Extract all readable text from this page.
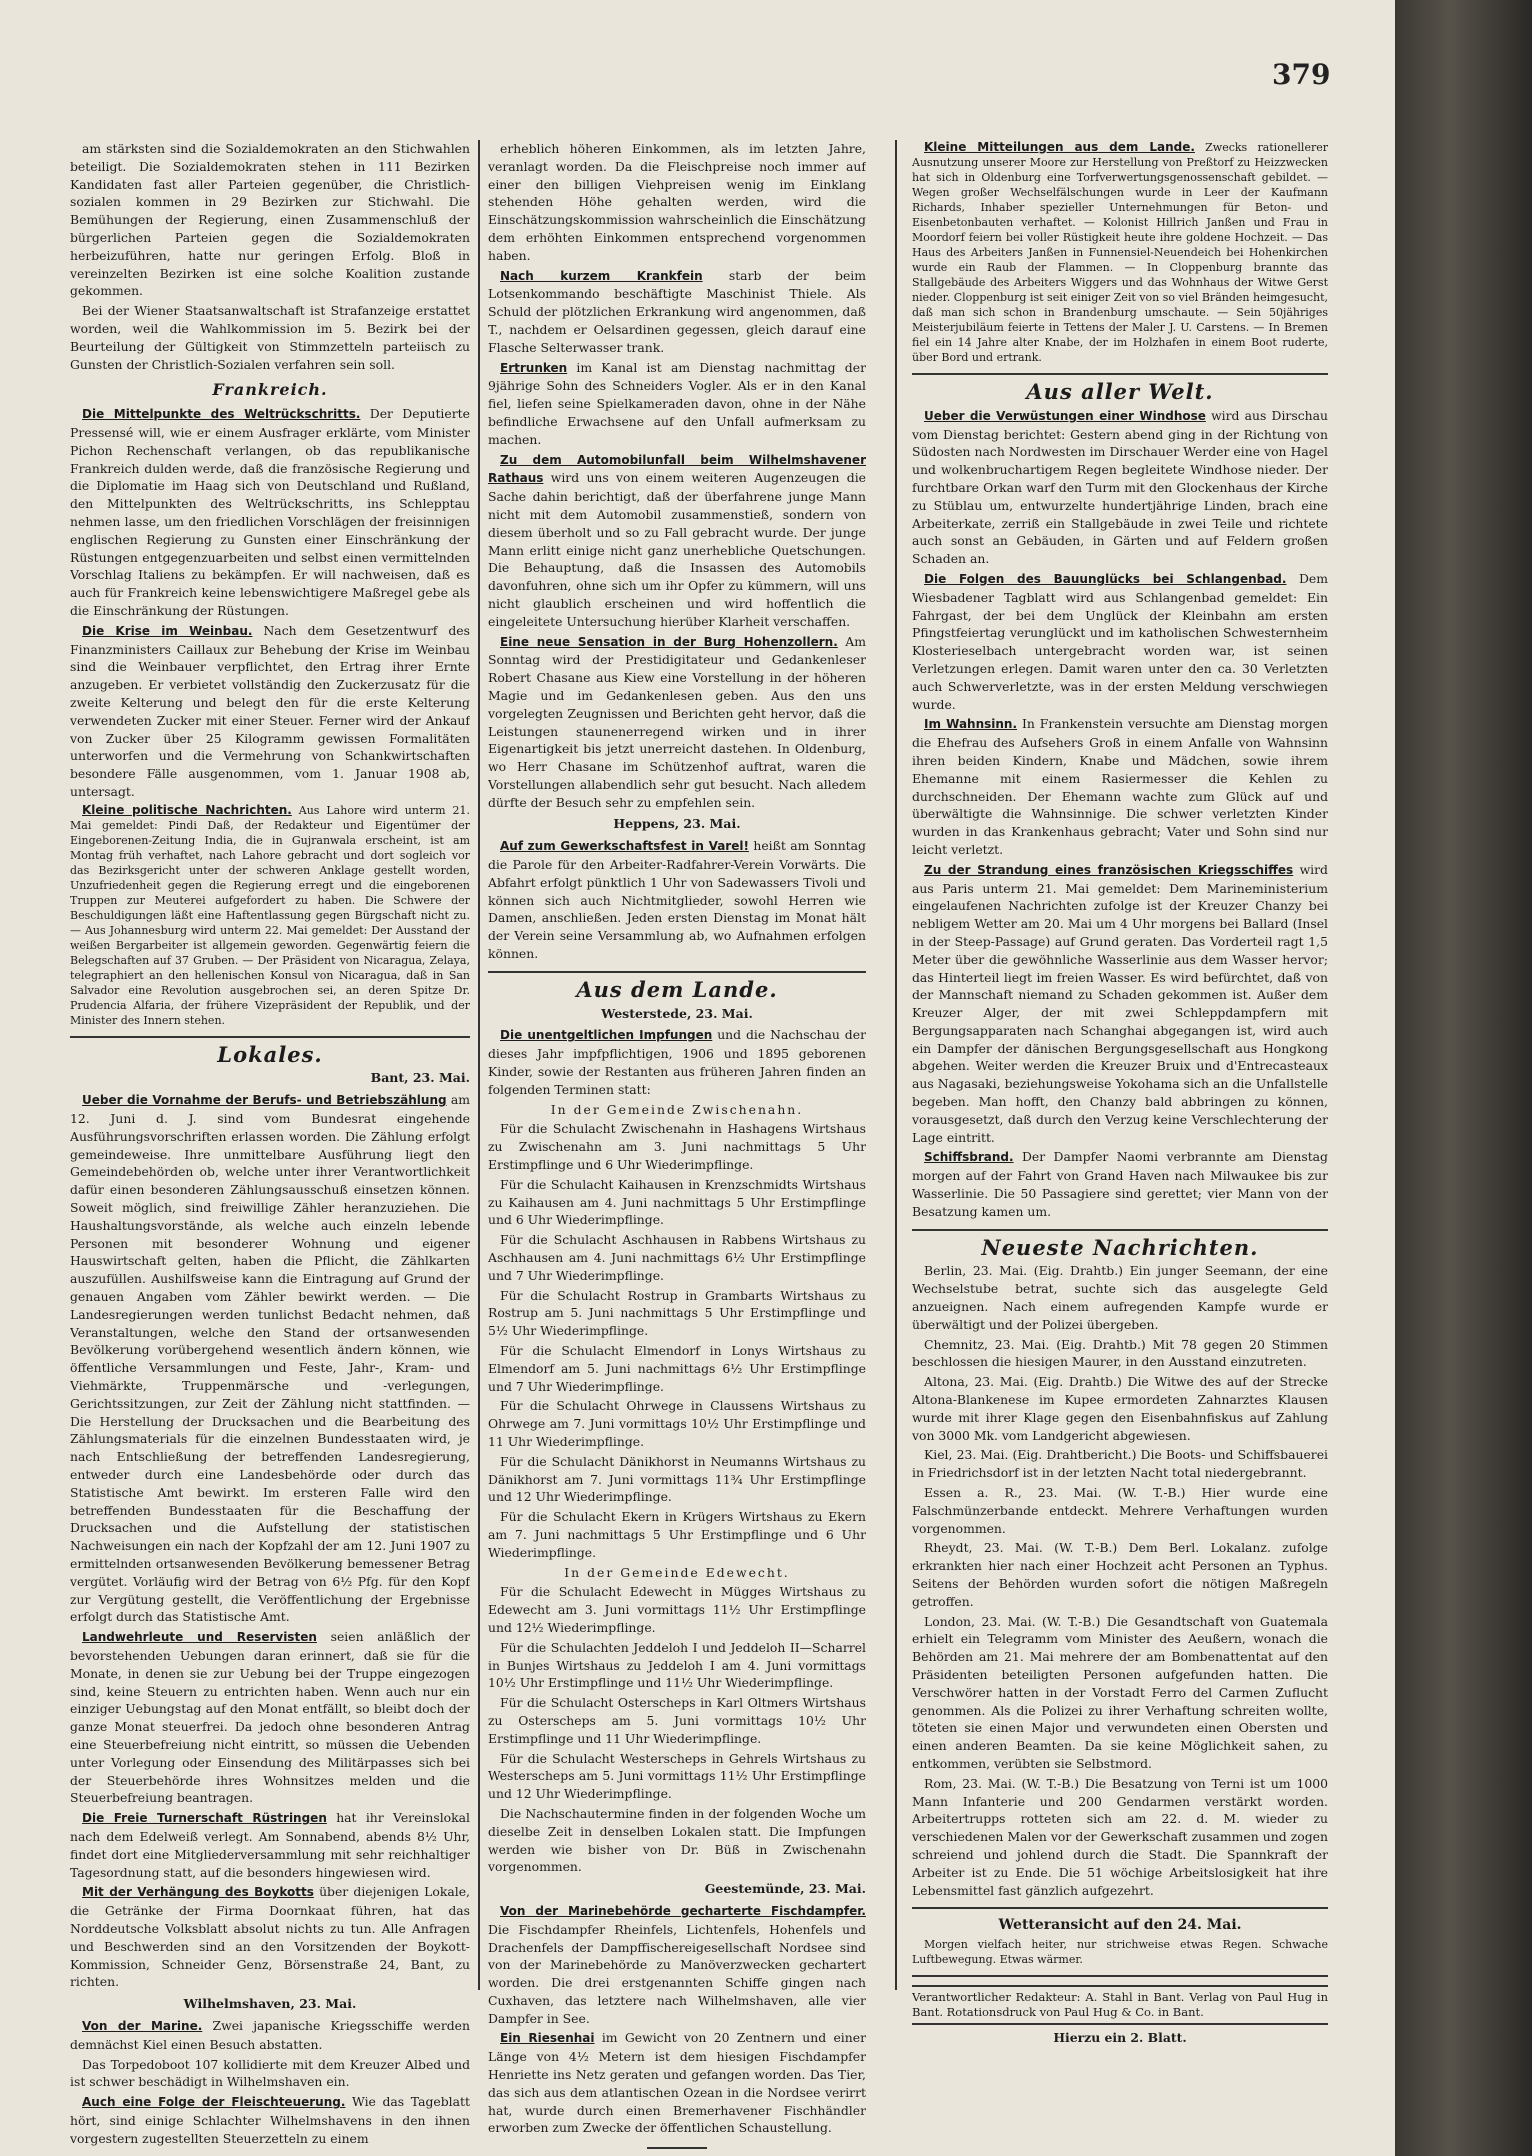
379

am stärksten sind die Sozialdemokraten an den Stichwahlen beteiligt. Die Sozialdemokraten stehen in 111 Bezirken Kandidaten fast aller Parteien gegenüber, die Christlich-sozialen kommen in 29 Bezirken zur Stichwahl. Die Bemühungen der Regierung, einen Zusammenschluß der bürgerlichen Parteien gegen die Sozialdemokraten herbeizuführen, hatte nur geringen Erfolg. Bloß in vereinzelten Bezirken ist eine solche Koalition zustande gekommen.

Bei der Wiener Staatsanwaltschaft ist Strafanzeige erstattet worden, weil die Wahlkommission im 5. Bezirk bei der Beurteilung der Gültigkeit von Stimmzetteln parteiisch zu Gunsten der Christlich-Sozialen verfahren sein soll.

Frankreich.

Die Mittelpunkte des Weltrückschritts. Der Deputierte Pressensé will, wie er einem Ausfrager erklärte, vom Minister Pichon Rechenschaft verlangen, ob das republikanische Frankreich dulden werde, daß die französische Regierung und die Diplomatie im Haag sich von Deutschland und Rußland, den Mittelpunkten des Weltrückschritts, ins Schlepptau nehmen lasse, um den friedlichen Vorschlägen der freisinnigen englischen Regierung zu Gunsten einer Einschränkung der Rüstungen entgegenzuarbeiten und selbst einen vermittelnden Vorschlag Italiens zu bekämpfen. Er will nachweisen, daß es auch für Frankreich keine lebenswichtigere Maßregel gebe als die Einschränkung der Rüstungen.

Die Krise im Weinbau. Nach dem Gesetzentwurf des Finanzministers Caillaux zur Behebung der Krise im Weinbau sind die Weinbauer verpflichtet, den Ertrag ihrer Ernte anzugeben. Er verbietet vollständig den Zuckerzusatz für die zweite Kelterung und belegt den für die erste Kelterung verwendeten Zucker mit einer Steuer. Ferner wird der Ankauf von Zucker über 25 Kilogramm gewissen Formalitäten unterworfen und die Vermehrung von Schankwirtschaften besondere Fälle ausgenommen, vom 1. Januar 1908 ab, untersagt.

Kleine politische Nachrichten. Aus Lahore wird unterm 21. Mai gemeldet: Pindi Daß, der Redakteur und Eigentümer der Eingeborenen-Zeitung India, die in Gujranwala erscheint, ist am Montag früh verhaftet, nach Lahore gebracht und dort sogleich vor das Bezirksgericht unter der schweren Anklage gestellt worden, Unzufriedenheit gegen die Regierung erregt und die eingeborenen Truppen zur Meuterei aufgefordert zu haben. Die Schwere der Beschuldigungen läßt eine Haftentlassung gegen Bürgschaft nicht zu. — Aus Johannesburg wird unterm 22. Mai gemeldet: Der Ausstand der weißen Bergarbeiter ist allgemein geworden. Gegenwärtig feiern die Belegschaften auf 37 Gruben. — Der Präsident von Nicaragua, Zelaya, telegraphiert an den hellenischen Konsul von Nicaragua, daß in San Salvador eine Revolution ausgebrochen sei, an deren Spitze Dr. Prudencia Alfaria, der frühere Vizepräsident der Republik, und der Minister des Innern stehen.

Lokales.

Bant, 23. Mai.

Ueber die Vornahme der Berufs- und Betriebszählung am 12. Juni d. J. sind vom Bundesrat eingehende Ausführungsvorschriften erlassen worden. Die Zählung erfolgt gemeindeweise. Ihre unmittelbare Ausführung liegt den Gemeindebehörden ob, welche unter ihrer Verantwortlichkeit dafür einen besonderen Zählungsausschuß einsetzen können. Soweit möglich, sind freiwillige Zähler heranzuziehen. Die Haushaltungsvorstände, als welche auch einzeln lebende Personen mit besonderer Wohnung und eigener Hauswirtschaft gelten, haben die Pflicht, die Zählkarten auszufüllen. Aushilfsweise kann die Eintragung auf Grund der genauen Angaben vom Zähler bewirkt werden. — Die Landesregierungen werden tunlichst Bedacht nehmen, daß Veranstaltungen, welche den Stand der ortsanwesenden Bevölkerung vorübergehend wesentlich ändern können, wie öffentliche Versammlungen und Feste, Jahr-, Kram- und Viehmärkte, Truppenmärsche und -verlegungen, Gerichtssitzungen, zur Zeit der Zählung nicht stattfinden. — Die Herstellung der Drucksachen und die Bearbeitung des Zählungsmaterials für die einzelnen Bundesstaaten wird, je nach Entschließung der betreffenden Landesregierung, entweder durch eine Landesbehörde oder durch das Statistische Amt bewirkt. Im ersteren Falle wird den betreffenden Bundesstaaten für die Beschaffung der Drucksachen und die Aufstellung der statistischen Nachweisungen ein nach der Kopfzahl der am 12. Juni 1907 zu ermittelnden ortsanwesenden Bevölkerung bemessener Betrag vergütet. Vorläufig wird der Betrag von 6½ Pfg. für den Kopf zur Vergütung gestellt, die Veröffentlichung der Ergebnisse erfolgt durch das Statistische Amt.

Landwehrleute und Reservisten seien anläßlich der bevorstehenden Uebungen daran erinnert, daß sie für die Monate, in denen sie zur Uebung bei der Truppe eingezogen sind, keine Steuern zu entrichten haben. Wenn auch nur ein einziger Uebungstag auf den Monat entfällt, so bleibt doch der ganze Monat steuerfrei. Da jedoch ohne besonderen Antrag eine Steuerbefreiung nicht eintritt, so müssen die Uebenden unter Vorlegung oder Einsendung des Militärpasses sich bei der Steuerbehörde ihres Wohnsitzes melden und die Steuerbefreiung beantragen.

Die Freie Turnerschaft Rüstringen hat ihr Vereinslokal nach dem Edelweiß verlegt. Am Sonnabend, abends 8½ Uhr, findet dort eine Mitgliederversammlung mit sehr reichhaltiger Tagesordnung statt, auf die besonders hingewiesen wird.

Mit der Verhängung des Boykotts über diejenigen Lokale, die Getränke der Firma Doornkaat führen, hat das Norddeutsche Volksblatt absolut nichts zu tun. Alle Anfragen und Beschwerden sind an den Vorsitzenden der Boykott-Kommission, Schneider Genz, Börsenstraße 24, Bant, zu richten.

Wilhelmshaven, 23. Mai.

Von der Marine. Zwei japanische Kriegsschiffe werden demnächst Kiel einen Besuch abstatten.

Das Torpedoboot 107 kollidierte mit dem Kreuzer Albed und ist schwer beschädigt in Wilhelmshaven ein.

Auch eine Folge der Fleischteuerung. Wie das Tageblatt hört, sind einige Schlachter Wilhelmshavens in den ihnen vorgestern zugestellten Steuerzetteln zu einem

erheblich höheren Einkommen, als im letzten Jahre, veranlagt worden. Da die Fleischpreise noch immer auf einer den billigen Viehpreisen wenig im Einklang stehenden Höhe gehalten werden, wird die Einschätzungskommission wahrscheinlich die Einschätzung dem erhöhten Einkommen entsprechend vorgenommen haben.

Nach kurzem Krankfein starb der beim Lotsenkommando beschäftigte Maschinist Thiele. Als Schuld der plötzlichen Erkrankung wird angenommen, daß T., nachdem er Oelsardinen gegessen, gleich darauf eine Flasche Selterwasser trank.

Ertrunken im Kanal ist am Dienstag nachmittag der 9jährige Sohn des Schneiders Vogler. Als er in den Kanal fiel, liefen seine Spielkameraden davon, ohne in der Nähe befindliche Erwachsene auf den Unfall aufmerksam zu machen.

Zu dem Automobilunfall beim Wilhelmshavener Rathaus wird uns von einem weiteren Augenzeugen die Sache dahin berichtigt, daß der überfahrene junge Mann nicht mit dem Automobil zusammenstieß, sondern von diesem überholt und so zu Fall gebracht wurde. Der junge Mann erlitt einige nicht ganz unerhebliche Quetschungen. Die Behauptung, daß die Insassen des Automobils davonfuhren, ohne sich um ihr Opfer zu kümmern, will uns nicht glaublich erscheinen und wird hoffentlich die eingeleitete Untersuchung hierüber Klarheit verschaffen.

Eine neue Sensation in der Burg Hohenzollern. Am Sonntag wird der Prestidigitateur und Gedankenleser Robert Chasane aus Kiew eine Vorstellung in der höheren Magie und im Gedankenlesen geben. Aus den uns vorgelegten Zeugnissen und Berichten geht hervor, daß die Leistungen staunenerregend wirken und in ihrer Eigenartigkeit bis jetzt unerreicht dastehen. In Oldenburg, wo Herr Chasane im Schützenhof auftrat, waren die Vorstellungen allabendlich sehr gut besucht. Nach alledem dürfte der Besuch sehr zu empfehlen sein.

Heppens, 23. Mai.

Auf zum Gewerkschaftsfest in Varel! heißt am Sonntag die Parole für den Arbeiter-Radfahrer-Verein Vorwärts. Die Abfahrt erfolgt pünktlich 1 Uhr von Sadewassers Tivoli und können sich auch Nichtmitglieder, sowohl Herren wie Damen, anschließen. Jeden ersten Dienstag im Monat hält der Verein seine Versammlung ab, wo Aufnahmen erfolgen können.

Aus dem Lande.

Westerstede, 23. Mai.

Die unentgeltlichen Impfungen und die Nachschau der dieses Jahr impfpflichtigen, 1906 und 1895 geborenen Kinder, sowie der Restanten aus früheren Jahren finden an folgenden Terminen statt:

In der Gemeinde Zwischenahn.

Für die Schulacht Zwischenahn in Hashagens Wirtshaus zu Zwischenahn am 3. Juni nachmittags 5 Uhr Erstimpflinge und 6 Uhr Wiederimpflinge.

Für die Schulacht Kaihausen in Krenzschmidts Wirtshaus zu Kaihausen am 4. Juni nachmittags 5 Uhr Erstimpflinge und 6 Uhr Wiederimpflinge.

Für die Schulacht Aschhausen in Rabbens Wirtshaus zu Aschhausen am 4. Juni nachmittags 6½ Uhr Erstimpflinge und 7 Uhr Wiederimpflinge.

Für die Schulacht Rostrup in Grambarts Wirtshaus zu Rostrup am 5. Juni nachmittags 5 Uhr Erstimpflinge und 5½ Uhr Wiederimpflinge.

Für die Schulacht Elmendorf in Lonys Wirtshaus zu Elmendorf am 5. Juni nachmittags 6½ Uhr Erstimpflinge und 7 Uhr Wiederimpflinge.

Für die Schulacht Ohrwege in Claussens Wirtshaus zu Ohrwege am 7. Juni vormittags 10½ Uhr Erstimpflinge und 11 Uhr Wiederimpflinge.

Für die Schulacht Dänikhorst in Neumanns Wirtshaus zu Dänikhorst am 7. Juni vormittags 11¾ Uhr Erstimpflinge und 12 Uhr Wiederimpflinge.

Für die Schulacht Ekern in Krügers Wirtshaus zu Ekern am 7. Juni nachmittags 5 Uhr Erstimpflinge und 6 Uhr Wiederimpflinge.

In der Gemeinde Edewecht.

Für die Schulacht Edewecht in Mügges Wirtshaus zu Edewecht am 3. Juni vormittags 11½ Uhr Erstimpflinge und 12½ Wiederimpflinge.

Für die Schulachten Jeddeloh I und Jeddeloh II—Scharrel in Bunjes Wirtshaus zu Jeddeloh I am 4. Juni vormittags 10½ Uhr Erstimpflinge und 11½ Uhr Wiederimpflinge.

Für die Schulacht Osterscheps in Karl Oltmers Wirtshaus zu Osterscheps am 5. Juni vormittags 10½ Uhr Erstimpflinge und 11 Uhr Wiederimpflinge.

Für die Schulacht Westerscheps in Gehrels Wirtshaus zu Westerscheps am 5. Juni vormittags 11½ Uhr Erstimpflinge und 12 Uhr Wiederimpflinge.

Die Nachschautermine finden in der folgenden Woche um dieselbe Zeit in denselben Lokalen statt. Die Impfungen werden wie bisher von Dr. Büß in Zwischenahn vorgenommen.

Geestemünde, 23. Mai.

Von der Marinebehörde gecharterte Fischdampfer. Die Fischdampfer Rheinfels, Lichtenfels, Hohenfels und Drachenfels der Dampffischereigesellschaft Nordsee sind von der Marinebehörde zu Manöverzwecken gechartert worden. Die drei erstgenannten Schiffe gingen nach Cuxhaven, das letztere nach Wilhelmshaven, alle vier Dampfer in See.

Ein Riesenhai im Gewicht von 20 Zentnern und einer Länge von 4½ Metern ist dem hiesigen Fischdampfer Henriette ins Netz geraten und gefangen worden. Das Tier, das sich aus dem atlantischen Ozean in die Nordsee verirrt hat, wurde durch einen Bremerhavener Fischhändler erworben zum Zwecke der öffentlichen Schaustellung.

Kleine Mitteilungen aus dem Lande. Zwecks rationellerer Ausnutzung unserer Moore zur Herstellung von Preßtorf zu Heizzwecken hat sich in Oldenburg eine Torfverwertungsgenossenschaft gebildet. — Wegen großer Wechselfälschungen wurde in Leer der Kaufmann Richards, Inhaber spezieller Unternehmungen für Beton- und Eisenbetonbauten verhaftet. — Kolonist Hillrich Janßen und Frau in Moordorf feiern bei voller Rüstigkeit heute ihre goldene Hochzeit. — Das Haus des Arbeiters Janßen in Funnensiel-Neuendeich bei Hohenkirchen wurde ein Raub der Flammen. — In Cloppenburg brannte das Stallgebäude des Arbeiters Wiggers und das Wohnhaus der Witwe Gerst nieder. Cloppenburg ist seit einiger Zeit von so viel Bränden heimgesucht, daß man sich schon in Brandenburg umschaute. — Sein 50jähriges Meisterjubiläum feierte in Tettens der Maler J. U. Carstens. — In Bremen fiel ein 14 Jahre alter Knabe, der im Holzhafen in einem Boot ruderte, über Bord und ertrank.

Aus aller Welt.

Ueber die Verwüstungen einer Windhose wird aus Dirschau vom Dienstag berichtet: Gestern abend ging in der Richtung von Südosten nach Nordwesten im Dirschauer Werder eine von Hagel und wolkenbruchartigem Regen begleitete Windhose nieder. Der furchtbare Orkan warf den Turm mit den Glockenhaus der Kirche zu Stüblau um, entwurzelte hundertjährige Linden, brach eine Arbeiterkate, zerriß ein Stallgebäude in zwei Teile und richtete auch sonst an Gebäuden, in Gärten und auf Feldern großen Schaden an.

Die Folgen des Bauunglücks bei Schlangenbad. Dem Wiesbadener Tagblatt wird aus Schlangenbad gemeldet: Ein Fahrgast, der bei dem Unglück der Kleinbahn am ersten Pfingstfeiertag verunglückt und im katholischen Schwesternheim Klosterieselbach untergebracht worden war, ist seinen Verletzungen erlegen. Damit waren unter den ca. 30 Verletzten auch Schwerverletzte, was in der ersten Meldung verschwiegen wurde.

Im Wahnsinn. In Frankenstein versuchte am Dienstag morgen die Ehefrau des Aufsehers Groß in einem Anfalle von Wahnsinn ihren beiden Kindern, Knabe und Mädchen, sowie ihrem Ehemanne mit einem Rasiermesser die Kehlen zu durchschneiden. Der Ehemann wachte zum Glück auf und überwältigte die Wahnsinnige. Die schwer verletzten Kinder wurden in das Krankenhaus gebracht; Vater und Sohn sind nur leicht verletzt.

Zu der Strandung eines französischen Kriegsschiffes wird aus Paris unterm 21. Mai gemeldet: Dem Marineministerium eingelaufenen Nachrichten zufolge ist der Kreuzer Chanzy bei nebligem Wetter am 20. Mai um 4 Uhr morgens bei Ballard (Insel in der Steep-Passage) auf Grund geraten. Das Vorderteil ragt 1,5 Meter über die gewöhnliche Wasserlinie aus dem Wasser hervor; das Hinterteil liegt im freien Wasser. Es wird befürchtet, daß von der Mannschaft niemand zu Schaden gekommen ist. Außer dem Kreuzer Alger, der mit zwei Schleppdampfern mit Bergungsapparaten nach Schanghai abgegangen ist, wird auch ein Dampfer der dänischen Bergungsgesellschaft aus Hongkong abgehen. Weiter werden die Kreuzer Bruix und d'Entrecasteaux aus Nagasaki, beziehungsweise Yokohama sich an die Unfallstelle begeben. Man hofft, den Chanzy bald abbringen zu können, vorausgesetzt, daß durch den Verzug keine Verschlechterung der Lage eintritt.

Schiffsbrand. Der Dampfer Naomi verbrannte am Dienstag morgen auf der Fahrt von Grand Haven nach Milwaukee bis zur Wasserlinie. Die 50 Passagiere sind gerettet; vier Mann von der Besatzung kamen um.

Neueste Nachrichten.

Berlin, 23. Mai. (Eig. Drahtb.) Ein junger Seemann, der eine Wechselstube betrat, suchte sich das ausgelegte Geld anzueignen. Nach einem aufregenden Kampfe wurde er überwältigt und der Polizei übergeben.

Chemnitz, 23. Mai. (Eig. Drahtb.) Mit 78 gegen 20 Stimmen beschlossen die hiesigen Maurer, in den Ausstand einzutreten.

Altona, 23. Mai. (Eig. Drahtb.) Die Witwe des auf der Strecke Altona-Blankenese im Kupee ermordeten Zahnarztes Klausen wurde mit ihrer Klage gegen den Eisenbahnfiskus auf Zahlung von 3000 Mk. vom Landgericht abgewiesen.

Kiel, 23. Mai. (Eig. Drahtbericht.) Die Boots- und Schiffsbauerei in Friedrichsdorf ist in der letzten Nacht total niedergebrannt.

Essen a. R., 23. Mai. (W. T.-B.) Hier wurde eine Falschmünzerbande entdeckt. Mehrere Verhaftungen wurden vorgenommen.

Rheydt, 23. Mai. (W. T.-B.) Dem Berl. Lokalanz. zufolge erkrankten hier nach einer Hochzeit acht Personen an Typhus. Seitens der Behörden wurden sofort die nötigen Maßregeln getroffen.

London, 23. Mai. (W. T.-B.) Die Gesandtschaft von Guatemala erhielt ein Telegramm vom Minister des Aeußern, wonach die Behörden am 21. Mai mehrere der am Bombenattentat auf den Präsidenten beteiligten Personen aufgefunden hatten. Die Verschwörer hatten in der Vorstadt Ferro del Carmen Zuflucht genommen. Als die Polizei zu ihrer Verhaftung schreiten wollte, töteten sie einen Major und verwundeten einen Obersten und einen anderen Beamten. Da sie keine Möglichkeit sahen, zu entkommen, verübten sie Selbstmord.

Rom, 23. Mai. (W. T.-B.) Die Besatzung von Terni ist um 1000 Mann Infanterie und 200 Gendarmen verstärkt worden. Arbeitertrupps rotteten sich am 22. d. M. wieder zu verschiedenen Malen vor der Gewerkschaft zusammen und zogen schreiend und johlend durch die Stadt. Die Spannkraft der Arbeiter ist zu Ende. Die 51 wöchige Arbeitslosigkeit hat ihre Lebensmittel fast gänzlich aufgezehrt.

Wetteransicht auf den 24. Mai.

Morgen vielfach heiter, nur strichweise etwas Regen. Schwache Luftbewegung. Etwas wärmer.

Verantwortlicher Redakteur: A. Stahl in Bant. Verlag von Paul Hug in Bant. Rotationsdruck von Paul Hug & Co. in Bant.

Hierzu ein 2. Blatt.
